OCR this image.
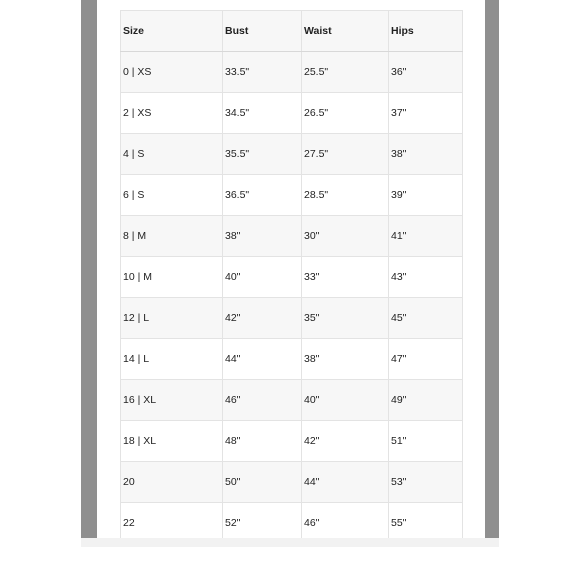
Size	Bust	Waist	Hips
0 | XS	33.5"	25.5"	36"
2 | XS	34.5"	26.5"	37"
4 | S	35.5"	27.5"	38"
6 | S	36.5"	28.5"	39"
8 | M	38"	30"	41"
10 | M	40"	33"	43"
12 | L	42"	35"	45"
14 | L	44"	38"	47"
16 | XL	46"	40"	49"
18 | XL	48"	42"	51"
20	50"	44"	53"
22	52"	46"	55"
